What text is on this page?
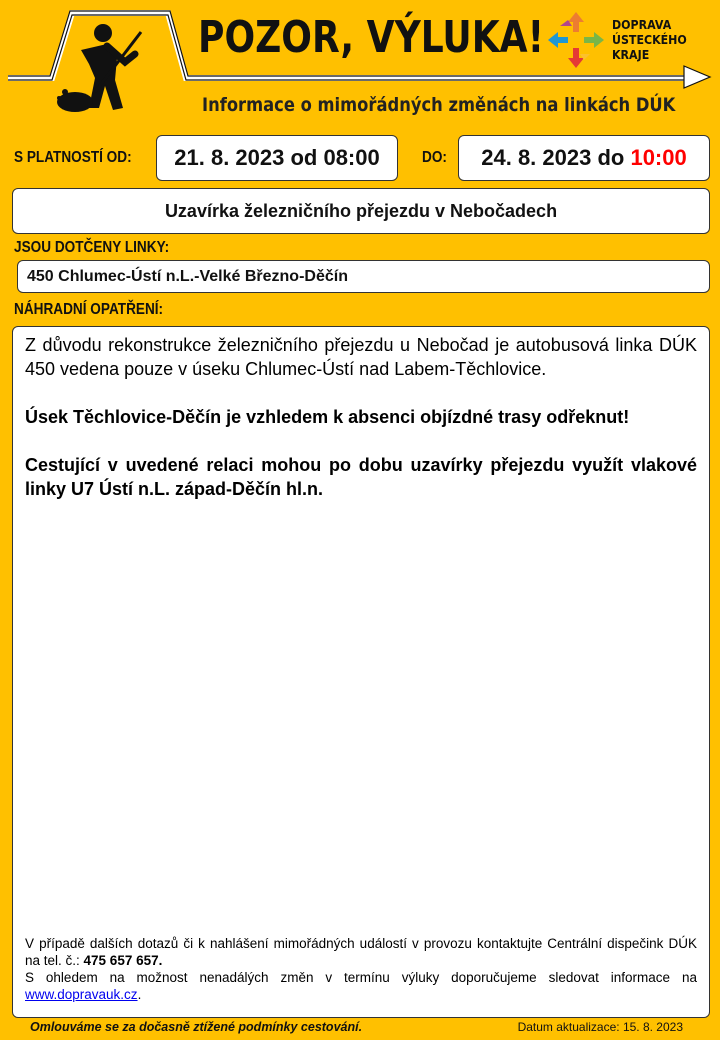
POZOR, VÝLUKA!
Informace o mimořádných změnách na linkách DÚK
DOPRAVA
ÚSTECKÉHO
KRAJE
S PLATNOSTÍ OD:	21. 8. 2023 od 08:00	DO: 24. 8. 2023 do 10:00
Uzavírka železničního přejezdu v Nebočadech
JSOU DOTČENY LINKY:
450 Chlumec-Ústí n.L.-Velké Březno-Děčín
NÁHRADNÍ OPATŘENÍ:

Z důvodu rekonstrukce železničního přejezdu u Nebočad je autobusová linka DÚK 450 vedena pouze v úseku Chlumec-Ústí nad Labem-Těchlovice.

Úsek Těchlovice-Děčín je vzhledem k absenci objízdné trasy odřeknut!

Cestující v uvedené relaci mohou po dobu uzavírky přejezdu využít vlakové linky U7 Ústí n.L. západ-Děčín hl.n.

V případě dalších dotazů či k nahlášení mimořádných událostí v provozu kontaktujte Centrální dispečink DÚK na tel. č.: 475 657 657.
S ohledem na možnost nenadálých změn v termínu výluky doporučujeme sledovat informace na www.dopravauk.cz.
Omlouváme se za dočasně ztížené podmínky cestování.	Datum aktualizace: 15. 8. 2023
